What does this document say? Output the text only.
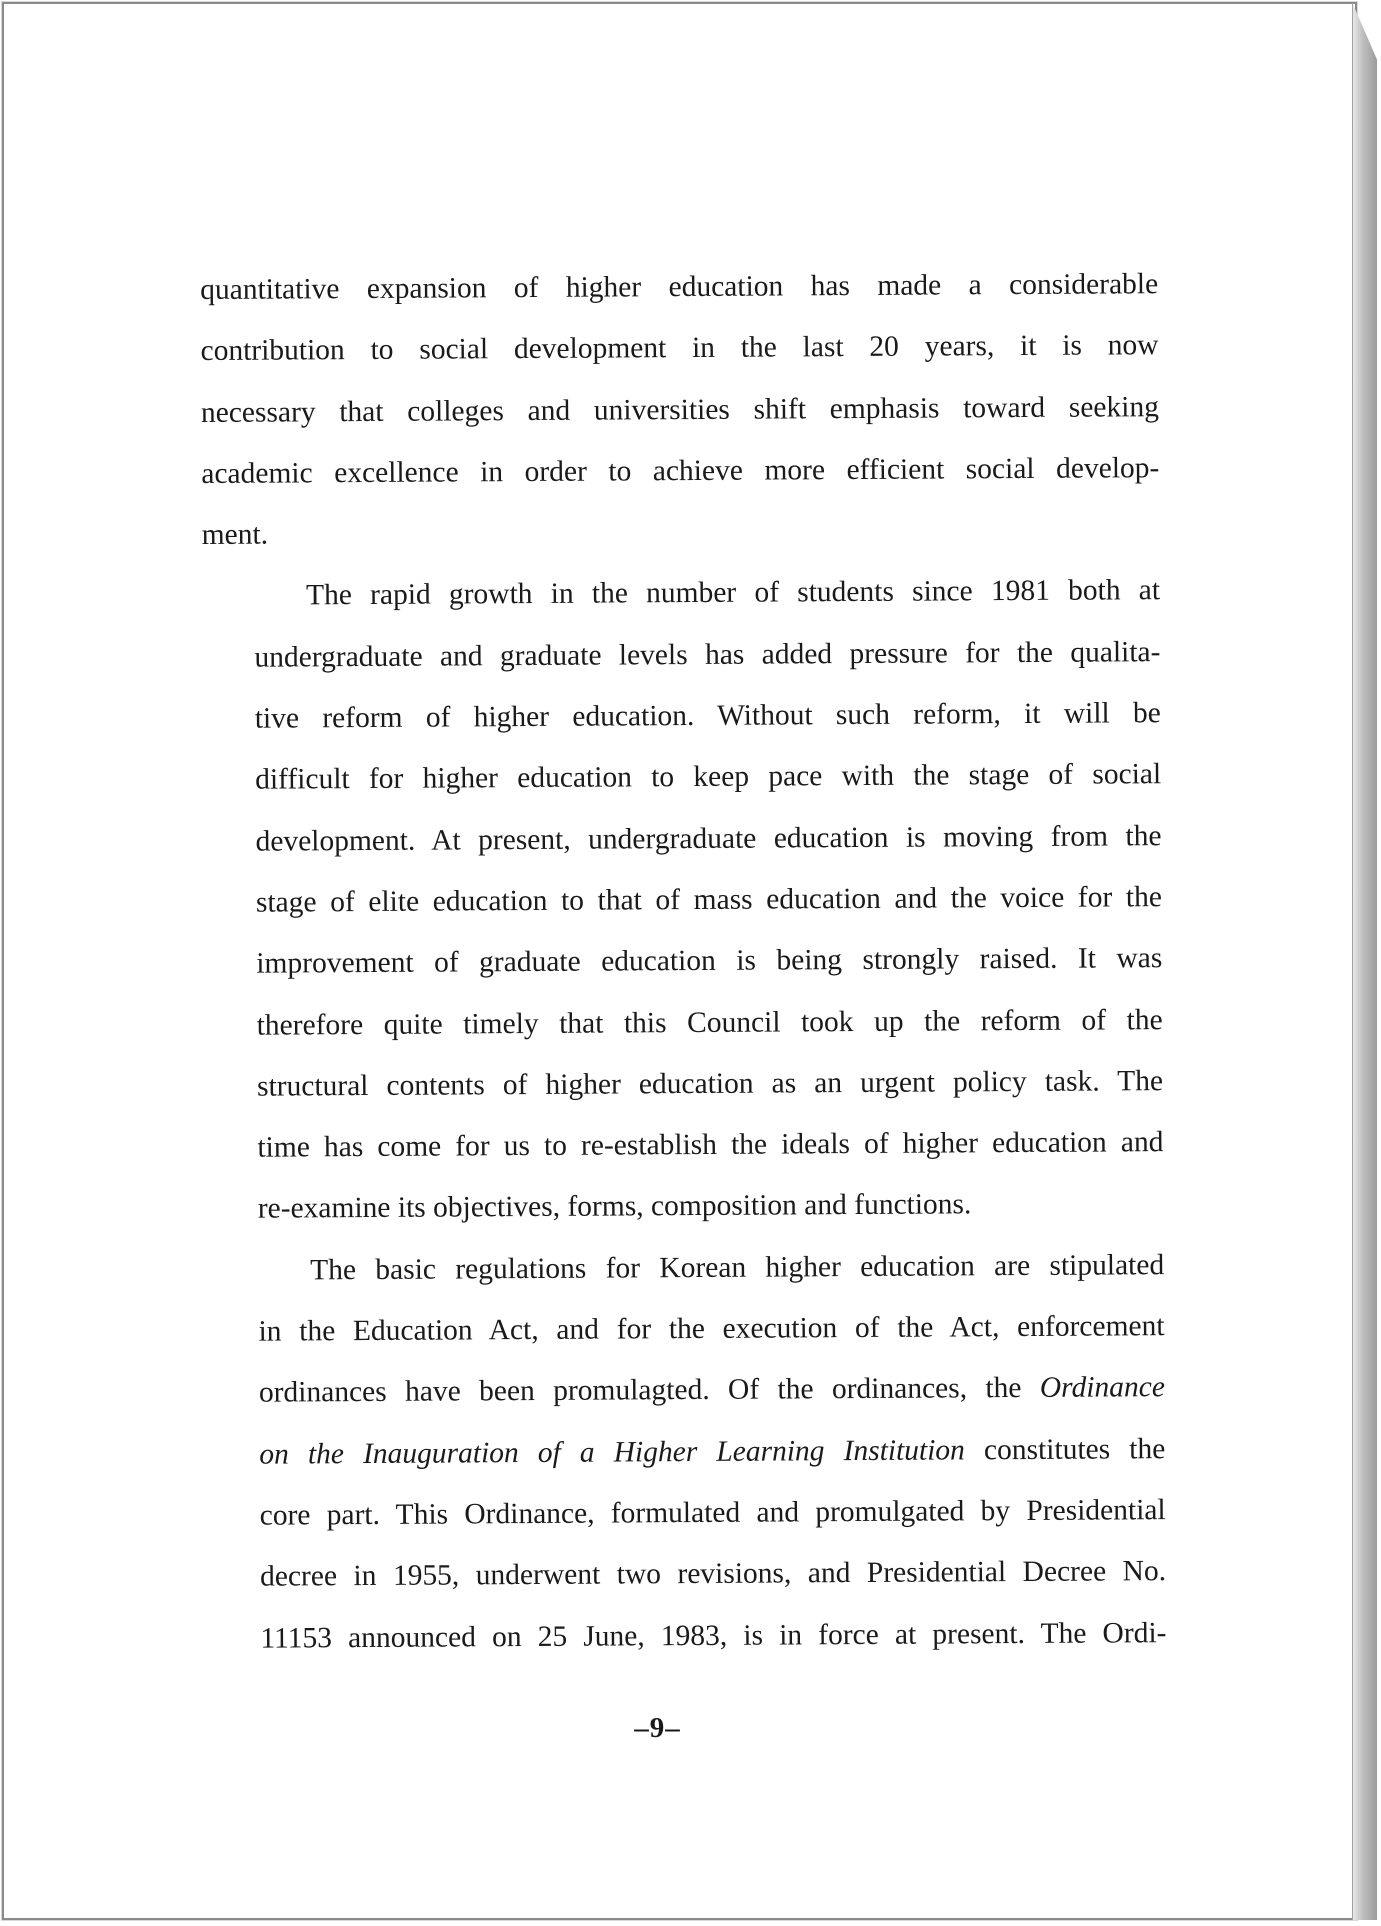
quantitative expansion of higher education has made a considerable
contribution to social development in the last 20 years, it is now
necessary that colleges and universities shift emphasis toward seeking
academic excellence in order to achieve more efficient social develop-
ment.
The rapid growth in the number of students since 1981 both at
undergraduate and graduate levels has added pressure for the qualita-
tive reform of higher education. Without such reform, it will be
difficult for higher education to keep pace with the stage of social
development. At present, undergraduate education is moving from the
stage of elite education to that of mass education and the voice for the
improvement of graduate education is being strongly raised. It was
therefore quite timely that this Council took up the reform of the
structural contents of higher education as an urgent policy task. The
time has come for us to re-establish the ideals of higher education and
re-examine its objectives, forms, composition and functions.
The basic regulations for Korean higher education are stipulated
in the Education Act, and for the execution of the Act, enforcement
ordinances have been promulagted. Of the ordinances, the Ordinance
on the Inauguration of a Higher Learning Institution constitutes the
core part. This Ordinance, formulated and promulgated by Presidential
decree in 1955, underwent two revisions, and Presidential Decree No.
11153 announced on 25 June, 1983, is in force at present. The Ordi-
–9–
